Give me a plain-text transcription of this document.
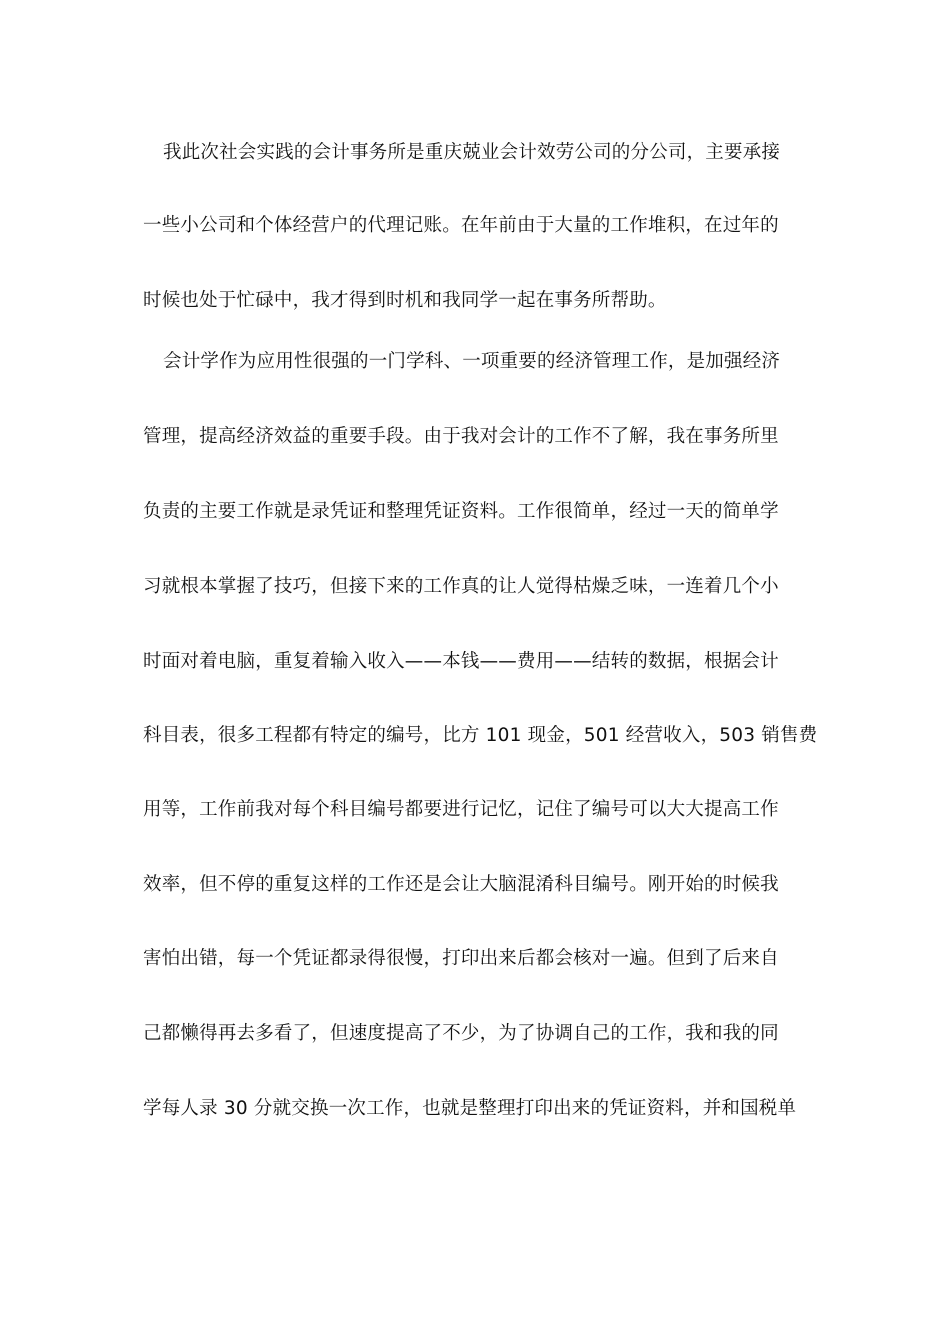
我此次社会实践的会计事务所是重庆兢业会计效劳公司的分公司，主要承接
一些小公司和个体经营户的代理记账。在年前由于大量的工作堆积，在过年的
时候也处于忙碌中，我才得到时机和我同学一起在事务所帮助。
会计学作为应用性很强的一门学科、一项重要的经济管理工作，是加强经济
管理，提高经济效益的重要手段。由于我对会计的工作不了解，我在事务所里
负责的主要工作就是录凭证和整理凭证资料。工作很简单，经过一天的简单学
习就根本掌握了技巧，但接下来的工作真的让人觉得枯燥乏味，一连着几个小
时面对着电脑，重复着输入收入——本钱——费用——结转的数据，根据会计
科目表，很多工程都有特定的编号，比方 101 现金，501 经营收入，503 销售费
用等，工作前我对每个科目编号都要进行记忆，记住了编号可以大大提高工作
效率，但不停的重复这样的工作还是会让大脑混淆科目编号。刚开始的时候我
害怕出错，每一个凭证都录得很慢，打印出来后都会核对一遍。但到了后来自
己都懒得再去多看了，但速度提高了不少，为了协调自己的工作，我和我的同
学每人录 30 分就交换一次工作，也就是整理打印出来的凭证资料，并和国税单
